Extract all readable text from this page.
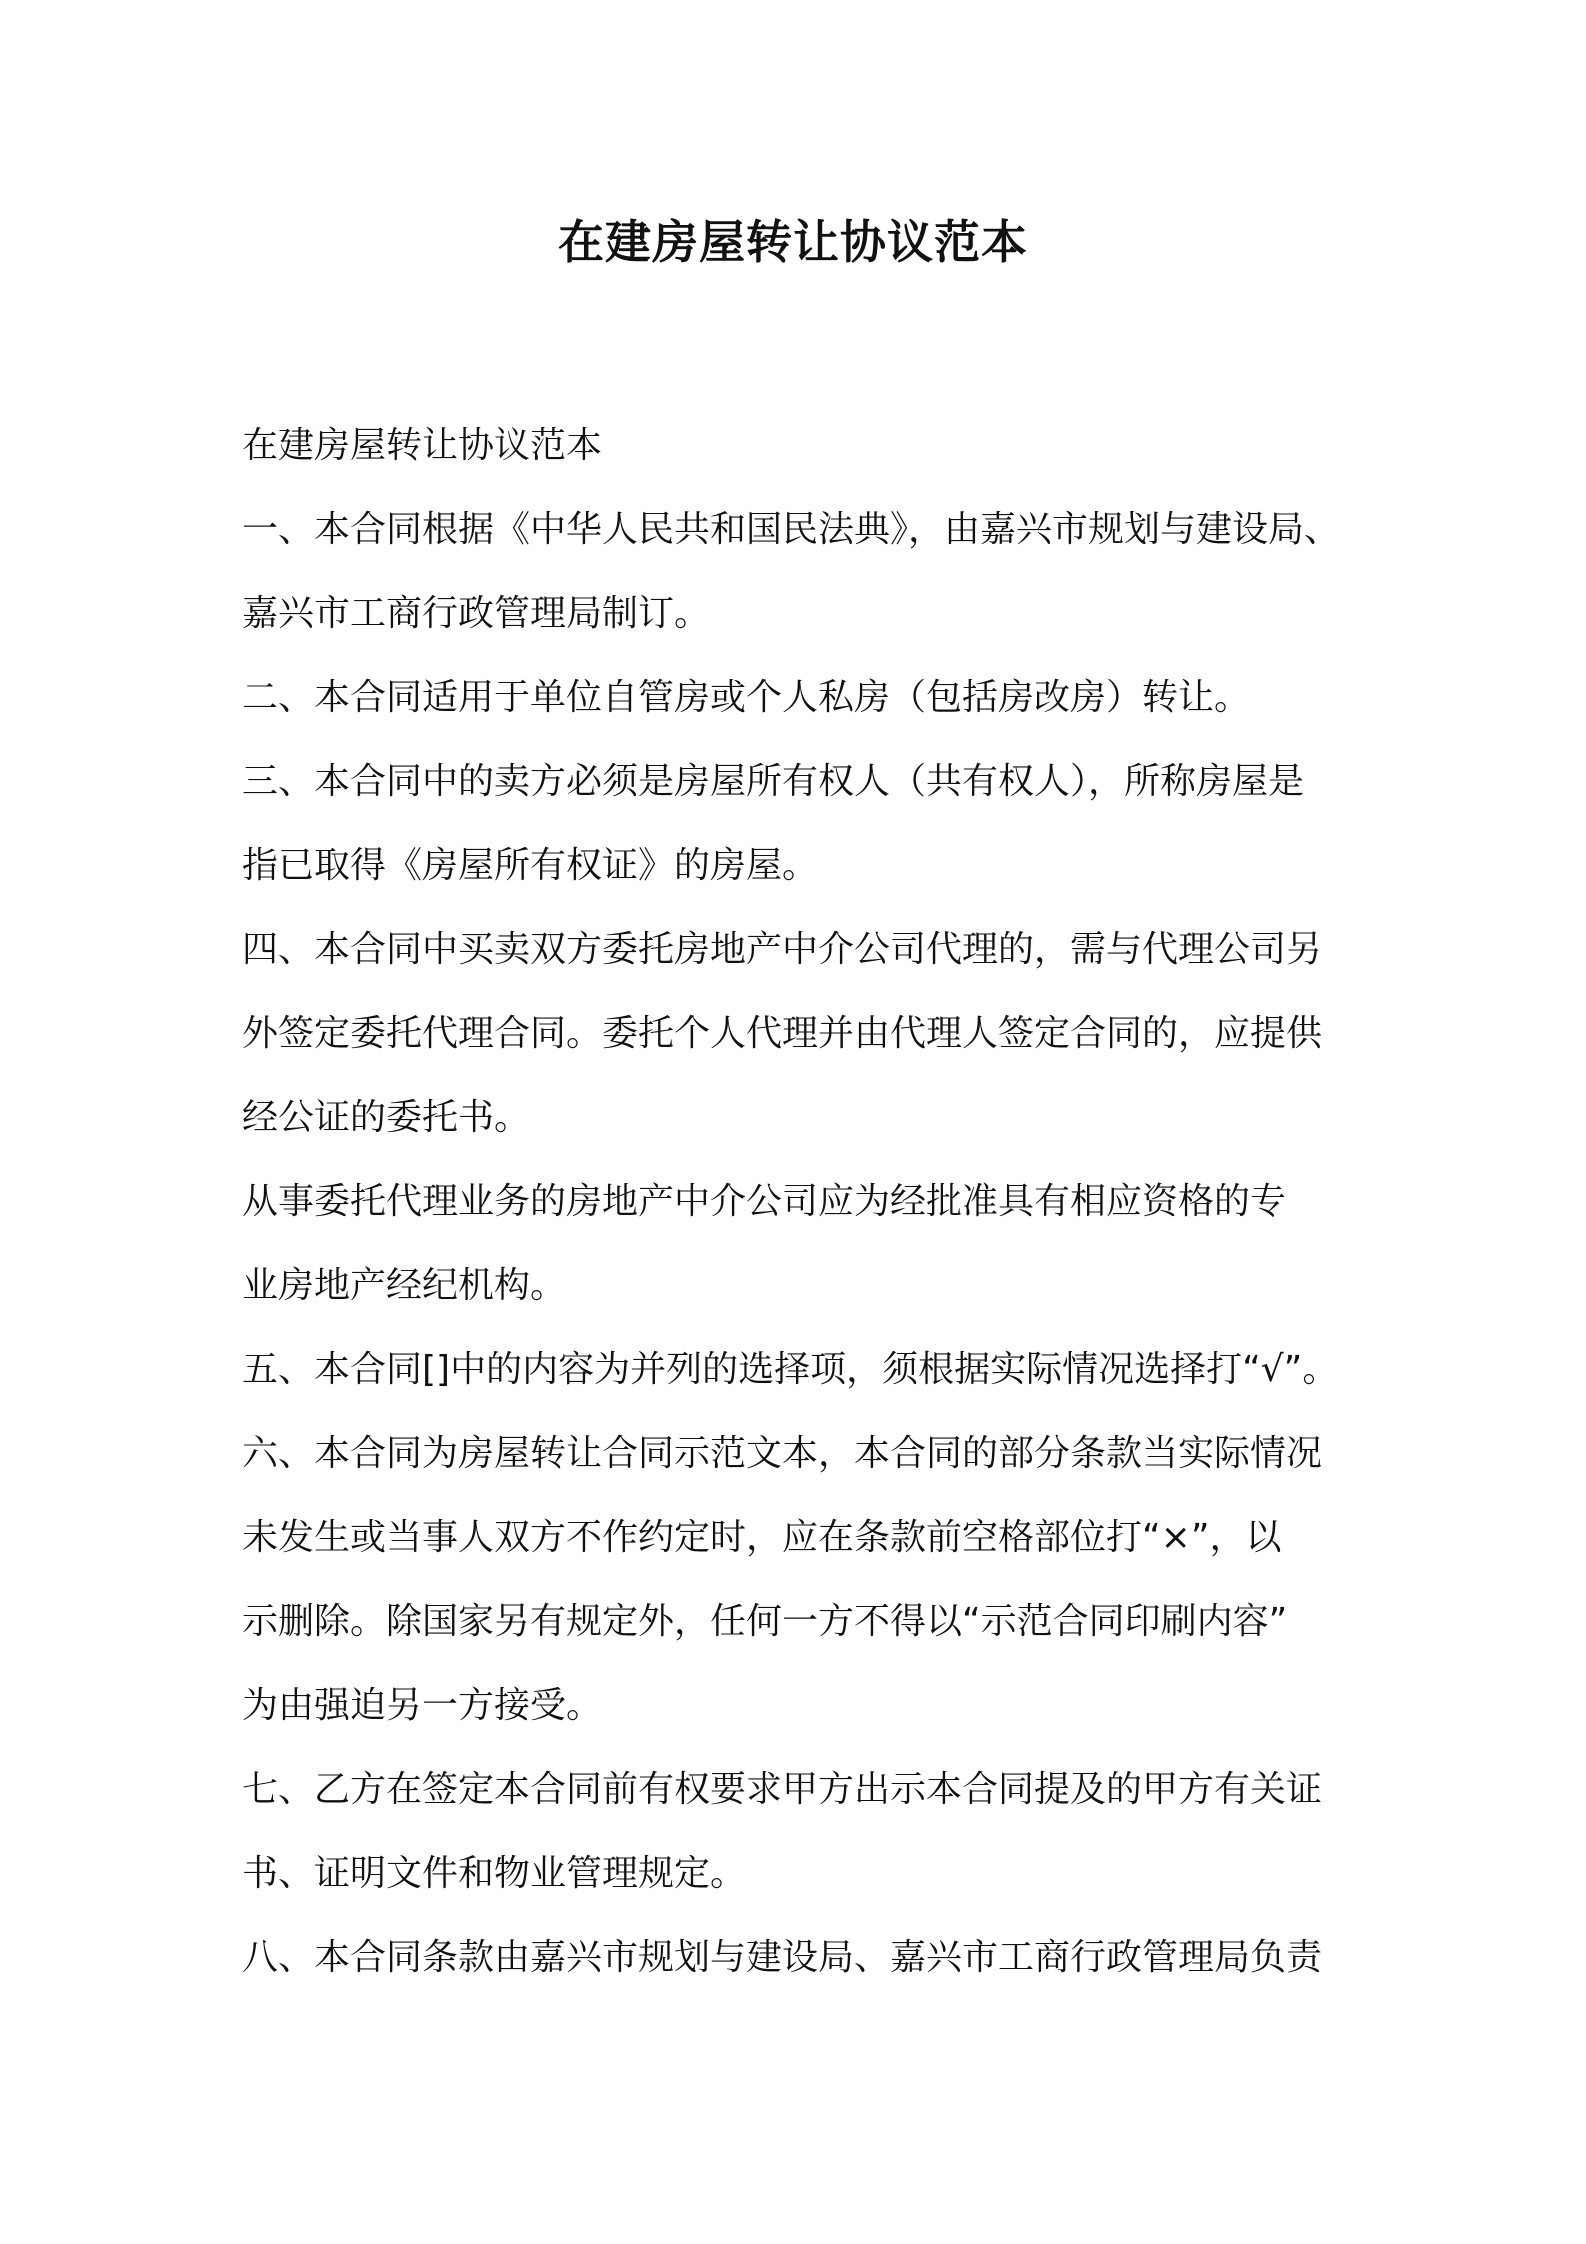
在建房屋转让协议范本
在建房屋转让协议范本
一、本合同根据《中华人民共和国民法典》，由嘉兴市规划与建设局、
嘉兴市工商行政管理局制订。
二、本合同适用于单位自管房或个人私房（包括房改房）转让。
三、本合同中的卖方必须是房屋所有权人（共有权人），所称房屋是
指已取得《房屋所有权证》的房屋。
四、本合同中买卖双方委托房地产中介公司代理的，需与代理公司另
外签定委托代理合同。委托个人代理并由代理人签定合同的，应提供
经公证的委托书。
从事委托代理业务的房地产中介公司应为经批准具有相应资格的专
业房地产经纪机构。
五、本合同[]中的内容为并列的选择项，须根据实际情况选择打“√”。
六、本合同为房屋转让合同示范文本，本合同的部分条款当实际情况
未发生或当事人双方不作约定时，应在条款前空格部位打“×”，以
示删除。除国家另有规定外，任何一方不得以“示范合同印刷内容”
为由强迫另一方接受。
七、乙方在签定本合同前有权要求甲方出示本合同提及的甲方有关证
书、证明文件和物业管理规定。
八、本合同条款由嘉兴市规划与建设局、嘉兴市工商行政管理局负责
